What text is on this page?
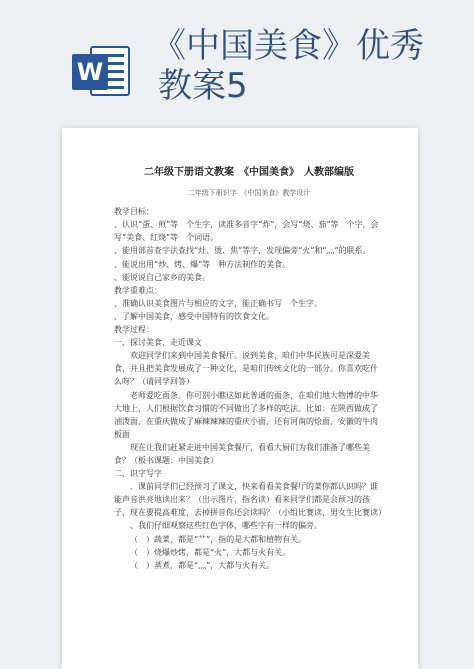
W
《中国美食》优秀
教案5
二年级下册语文教案　《中国美食》　人教部编版
二年级下册识字　《中国美食》教学设计

教学目标：

、认识“蛋、煎”等　个生字，读准多音字“炸”，会写“烧、茄”等　个字，会写“美食、红烧”等　个词语。

、能用部首查字法查找“灶、烫、焦”等字，发现偏旁“火”和“灬”的联系。

、能说出用“炒、烤、爆”等　种方法制作的美食。

、能说说自己家乡的美食。

教学重难点：

、准确认识美食图片与相应的文字，能正确书写　个生字。

、了解中国美食，感受中国特有的饮食文化。

教学过程：

一、探讨美食，走近课文

欢迎同学们来到中国美食餐厅。说到美食，咱们中华民族可是深爱美食，并且把美食发展成了一种文化，是咱们传统文化的一部分。你喜欢吃什么呀？（请同学回答）

老师爱吃面条。你可别小瞧这如此普通的面条，在咱们地大物博的中华大地上，人们根据饮食习惯的不同做出了多样的吃法。比如：在陕西做成了油泼面，在重庆做成了麻辣辣辣的重庆小面，还有河南的烩面，安徽的牛肉板面

现在让我们赶紧走进中国美食餐厅，看看大厨们为我们准备了哪些美食？（板书课题：中国美食）

二、识字写字

、课前同学们已经预习了课文，快来看看美食餐厅的菜你都认识吗？谁能声音洪亮地读出来？（出示图片，指名读）看来同学们都是会预习的孩子，现在要提高难度，去掉拼音你还会读吗？（小组比赛读，男女生比赛读）

、我们仔细观察这些红色字体，哪些字有一样的偏旁。

（　）蔬菜，都是“艹”，指的是大都和植物有关。

（　）烧爆炒烤，都是“火”，大都与火有关。

（　）蒸煮，都是“灬”，大都与火有关。
